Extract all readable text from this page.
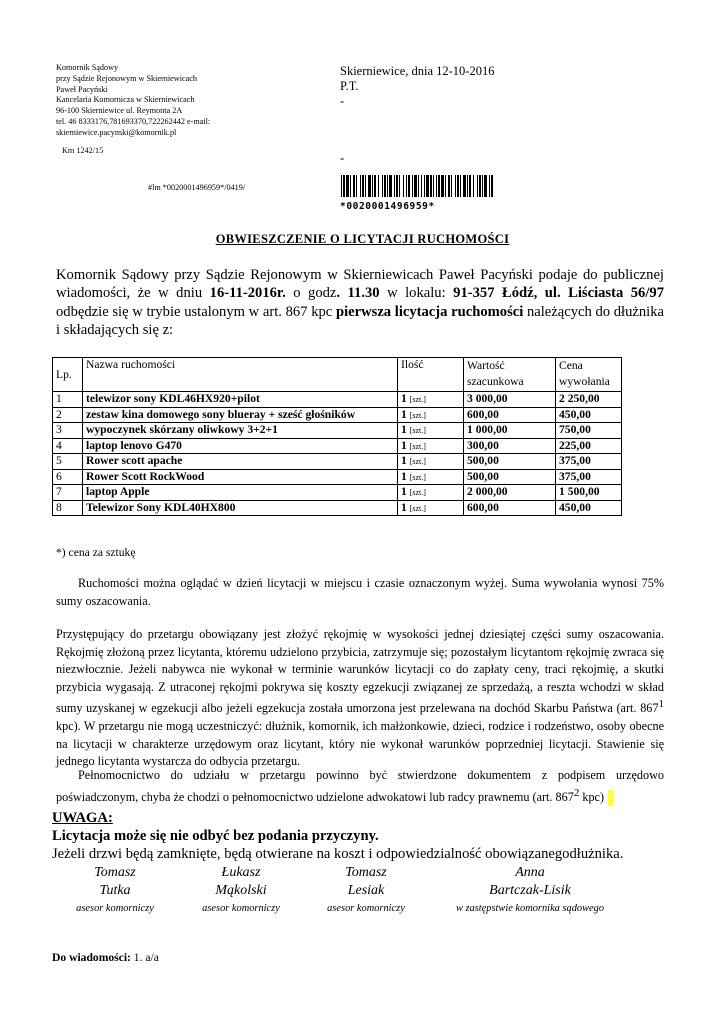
Komornik Sądowy
przy Sądzie Rejonowym w Skierniewicach
Paweł Pacyński
Kancelaria Komornicza w Skierniewicach
96-100 Skierniewice ul. Reymonta 2A
tel. 46 8333176,781693370,722262442 e-mail:
skierniewice.pacynski@komornik.pl
Skierniewice, dnia 12-10-2016
P.T.
-
-
Km 1242/15
#lm *0020001496959*/0419/
*0020001496959*
OBWIESZCZENIE O LICYTACJI RUCHOMOŚCI
Komornik Sądowy przy Sądzie Rejonowym w Skierniewicach Paweł Pacyński podaje do publicznej wiadomości, że w dniu 16-11-2016r. o godz. 11.30 w lokalu: 91-357 Łódź, ul. Liściasta 56/97 odbędzie się w trybie ustalonym w art. 867 kpc pierwsza licytacja ruchomości należących do dłużnika i składających się z:
Lp.	Nazwa ruchomości	Ilość	Wartość szacunkowa	Cena wywołania
1	telewizor sony KDL46HX920+pilot	1 [szt.]	3 000,00	2 250,00
2	zestaw kina domowego sony blueray + sześć głośników	1 [szt.]	600,00	450,00
3	wypoczynek skórzany oliwkowy 3+2+1	1 [szt.]	1 000,00	750,00
4	laptop lenovo G470	1 [szt.]	300,00	225,00
5	Rower scott apache	1 [szt.]	500,00	375,00
6	Rower Scott RockWood	1 [szt.]	500,00	375,00
7	laptop Apple	1 [szt.]	2 000,00	1 500,00
8	Telewizor Sony KDL40HX800	1 [szt.]	600,00	450,00
*) cena za sztukę
Ruchomości można oglądać w dzień licytacji w miejscu i czasie oznaczonym wyżej. Suma wywołania wynosi 75% sumy oszacowania.
Przystępujący do przetargu obowiązany jest złożyć rękojmię w wysokości jednej dziesiątej części sumy oszacowania. Rękojmię złożoną przez licytanta, któremu udzielono przybicia, zatrzymuje się; pozostałym licytantom rękojmię zwraca się niezwłocznie. Jeżeli nabywca nie wykonał w terminie warunków licytacji co do zapłaty ceny, traci rękojmię, a skutki przybicia wygasają. Z utraconej rękojmi pokrywa się koszty egzekucji związanej ze sprzedażą, a reszta wchodzi w skład sumy uzyskanej w egzekucji albo jeżeli egzekucja została umorzona jest przelewana na dochód Skarbu Państwa (art. $867^1$ kpc). W przetargu nie mogą uczestniczyć: dłużnik, komornik, ich małżonkowie, dzieci, rodzice i rodzeństwo, osoby obecne na licytacji w charakterze urzędowym oraz licytant, który nie wykonał warunków poprzedniej licytacji. Stawienie się jednego licytanta wystarcza do odbycia przetargu.
Pełnomocnictwo do udziału w przetargu powinno być stwierdzone dokumentem z podpisem urzędowo poświadczonym, chyba że chodzi o pełnomocnictwo udzielone adwokatowi lub radcy prawnemu (art. $867^2$ kpc)
UWAGA:
Licytacja może się nie odbyć bez podania przyczyny.
Jeżeli drzwi będą zamknięte, będą otwierane na koszt i odpowiedzialność obowiązanegodłużnika.
Tomasz
Tutka
Łukasz
Mąkolski
Tomasz
Lesiak
Anna
Bartczak-Lisik
asesor komorniczy	asesor komorniczy	asesor komorniczy	w zastępstwie komornika sądowego
Do wiadomości: 1. a/a
